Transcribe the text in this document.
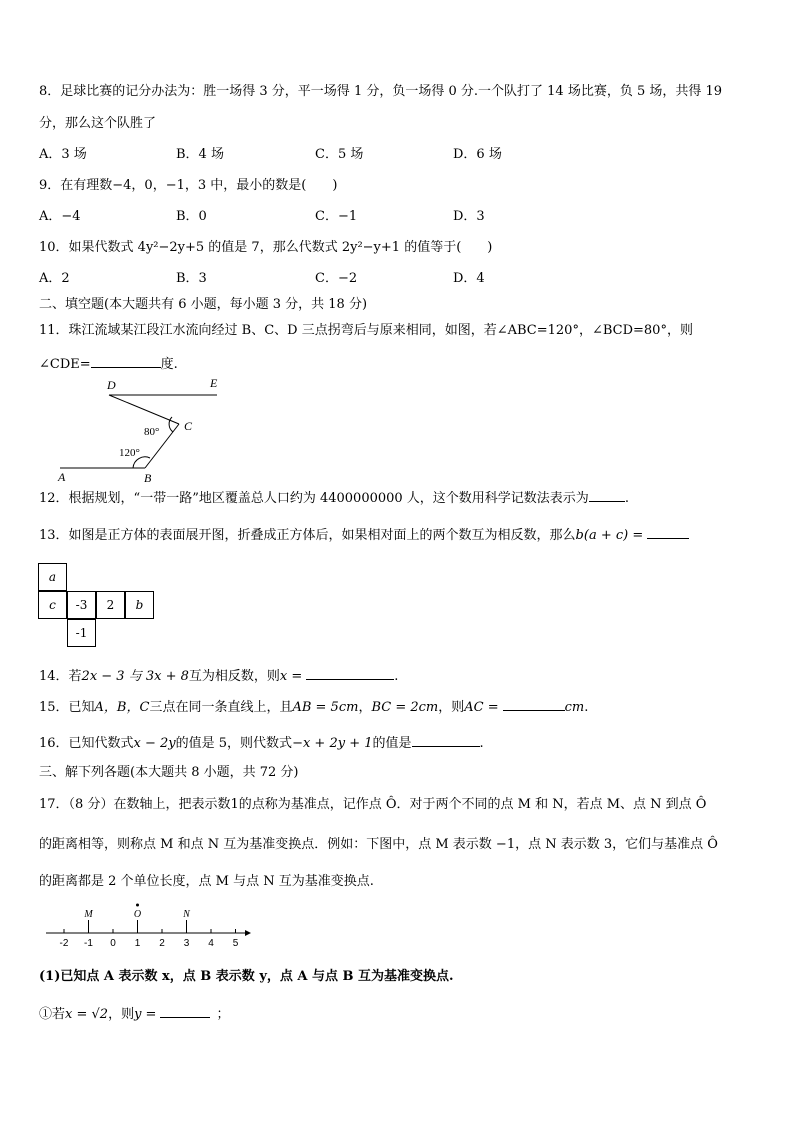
8．足球比赛的记分办法为：胜一场得 3 分，平一场得 1 分，负一场得 0 分.一个队打了 14 场比赛，负 5 场，共得 19
分，那么这个队胜了
A．3 场	B．4 场	C．5 场	D．6 场
9．在有理数−4，0，−1，3 中，最小的数是(　　)
A．−4	B．0	C．−1	D．3
10．如果代数式 4y²−2y+5 的值是 7，那么代数式 2y²−y+1 的值等于(　　)
A．2	B．3	C．−2	D．4
二、填空题(本大题共有 6 小题，每小题 3 分，共 18 分)
11．珠江流域某江段江水流向经过 B、C、D 三点拐弯后与原来相同，如图，若∠ABC=120°，∠BCD=80°，则
∠CDE=	度.
D	E
C
A	B
80°
120°
12．根据规划，“一带一路”地区覆盖总人口约为 4400000000 人，这个数用科学记数法表示为	.
13．如图是正方体的表面展开图，折叠成正方体后，如果相对面上的两个数互为相反数，那么b(a + c) =
a
c	-3	2	b
-1
14．若2x − 3 与 3x + 8互为相反数，则x =	.
15．已知A，B，C三点在同一条直线上，且AB = 5cm，BC = 2cm，则AC =	cm.
16．已知代数式x − 2y的值是 5，则代数式−x + 2y + 1的值是	.
三、解下列各题(本大题共 8 小题，共 72 分)
17．（8 分）在数轴上，把表示数1的点称为基准点，记作点 Ô．对于两个不同的点 M 和 N，若点 M、点 N 到点 Ô
的距离相等，则称点 M 和点 N 互为基准变换点．例如：下图中，点 M 表示数 −1，点 N 表示数 3，它们与基准点 Ô
的距离都是 2 个单位长度，点 M 与点 N 互为基准变换点.
-2 -1 0 1 2 3 4 5
M	O	N
(1)已知点 A 表示数 x，点 B 表示数 y，点 A 与点 B 互为基准变换点.
①若x = √2，则y =	；
